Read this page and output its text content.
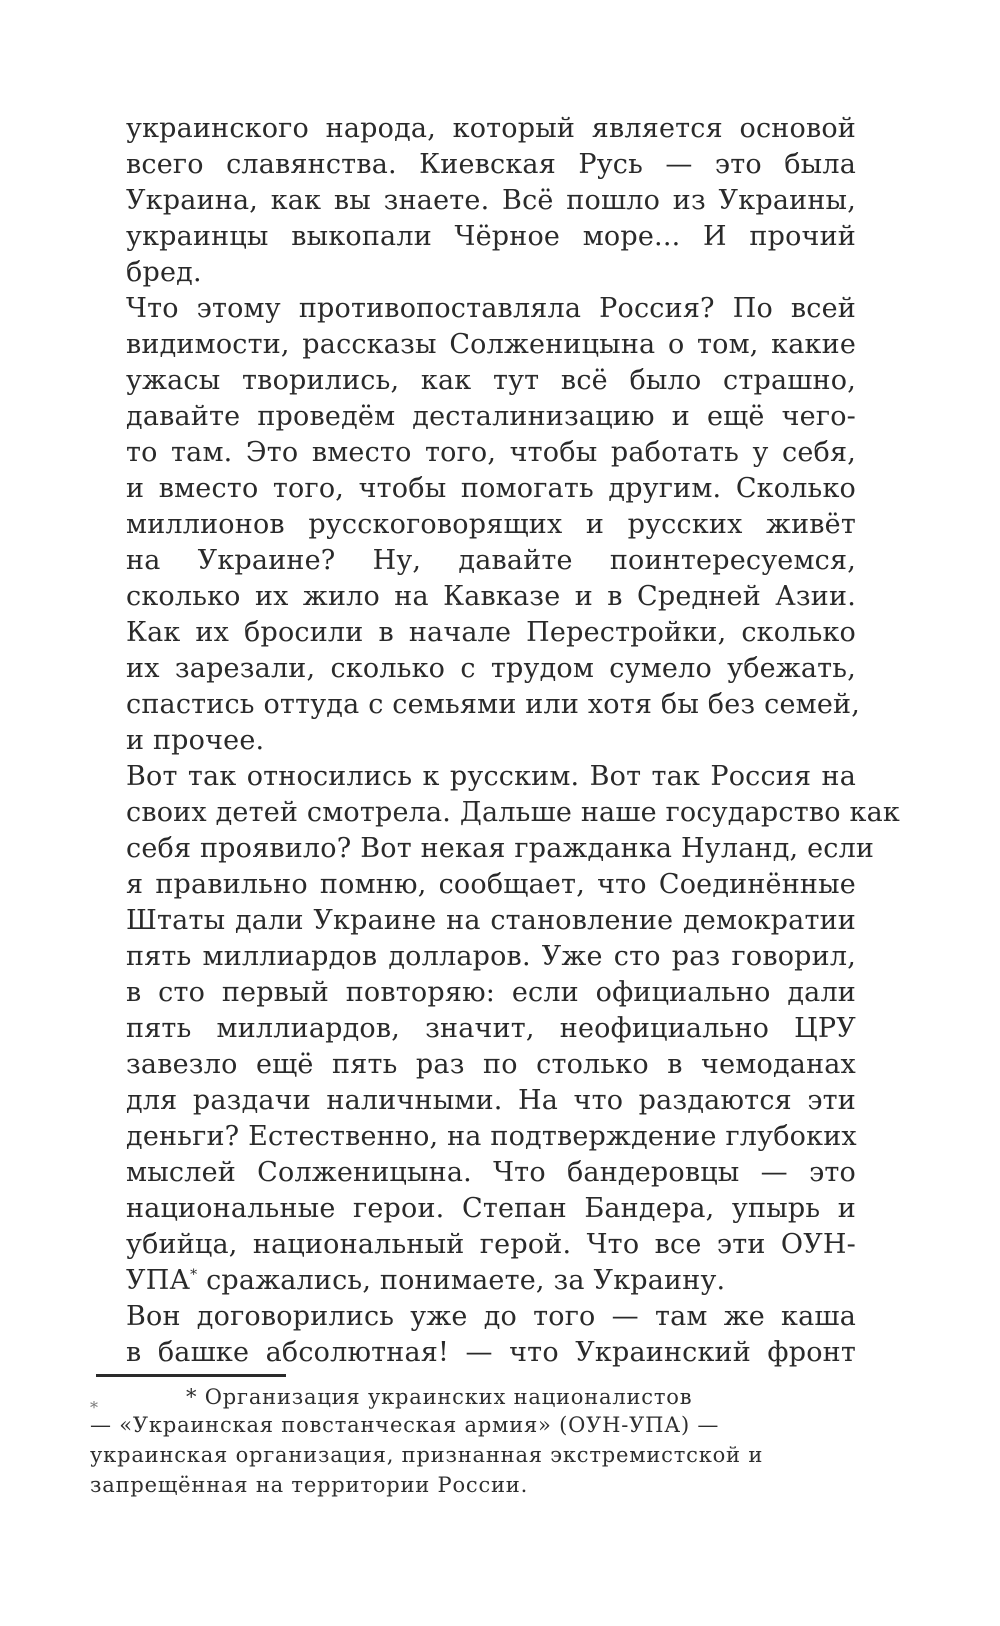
украинского народа, который является основой
всего славянства. Киевская Русь — это была
Украина, как вы знаете. Всё пошло из Украины,
украинцы выкопали Чёрное море... И прочий
бред.
Что этому противопоставляла Россия? По всей
видимости, рассказы Солженицына о том, какие
ужасы творились, как тут всё было страшно,
давайте проведём десталинизацию и ещё чего-
то там. Это вместо того, чтобы работать у себя,
и вместо того, чтобы помогать другим. Сколько
миллионов русскоговорящих и русских живёт
на Украине? Ну, давайте поинтересуемся,
сколько их жило на Кавказе и в Средней Азии.
Как их бросили в начале Перестройки, сколько
их зарезали, сколько с трудом сумело убежать,
спастись оттуда с семьями или хотя бы без семей,
и прочее.
Вот так относились к русским. Вот так Россия на
своих детей смотрела. Дальше наше государство как
себя проявило? Вот некая гражданка Нуланд, если
я правильно помню, сообщает, что Соединённые
Штаты дали Украине на становление демократии
пять миллиардов долларов. Уже сто раз говорил,
в сто первый повторяю: если официально дали
пять миллиардов, значит, неофициально ЦРУ
завезло ещё пять раз по столько в чемоданах
для раздачи наличными. На что раздаются эти
деньги? Естественно, на подтверждение глубоких
мыслей Солженицына. Что бандеровцы — это
национальные герои. Степан Бандера, упырь и
убийца, национальный герой. Что все эти ОУН-
УПА* сражались, понимаете, за Украину.
Вон договорились уже до того — там же каша
в башке абсолютная! — что Украинский фронт
*	* Организация украинских националистов
— «Украинская повстанческая армия» (ОУН-УПА) —
украинская организация, признанная экстремистской и
запрещённая на территории России.
